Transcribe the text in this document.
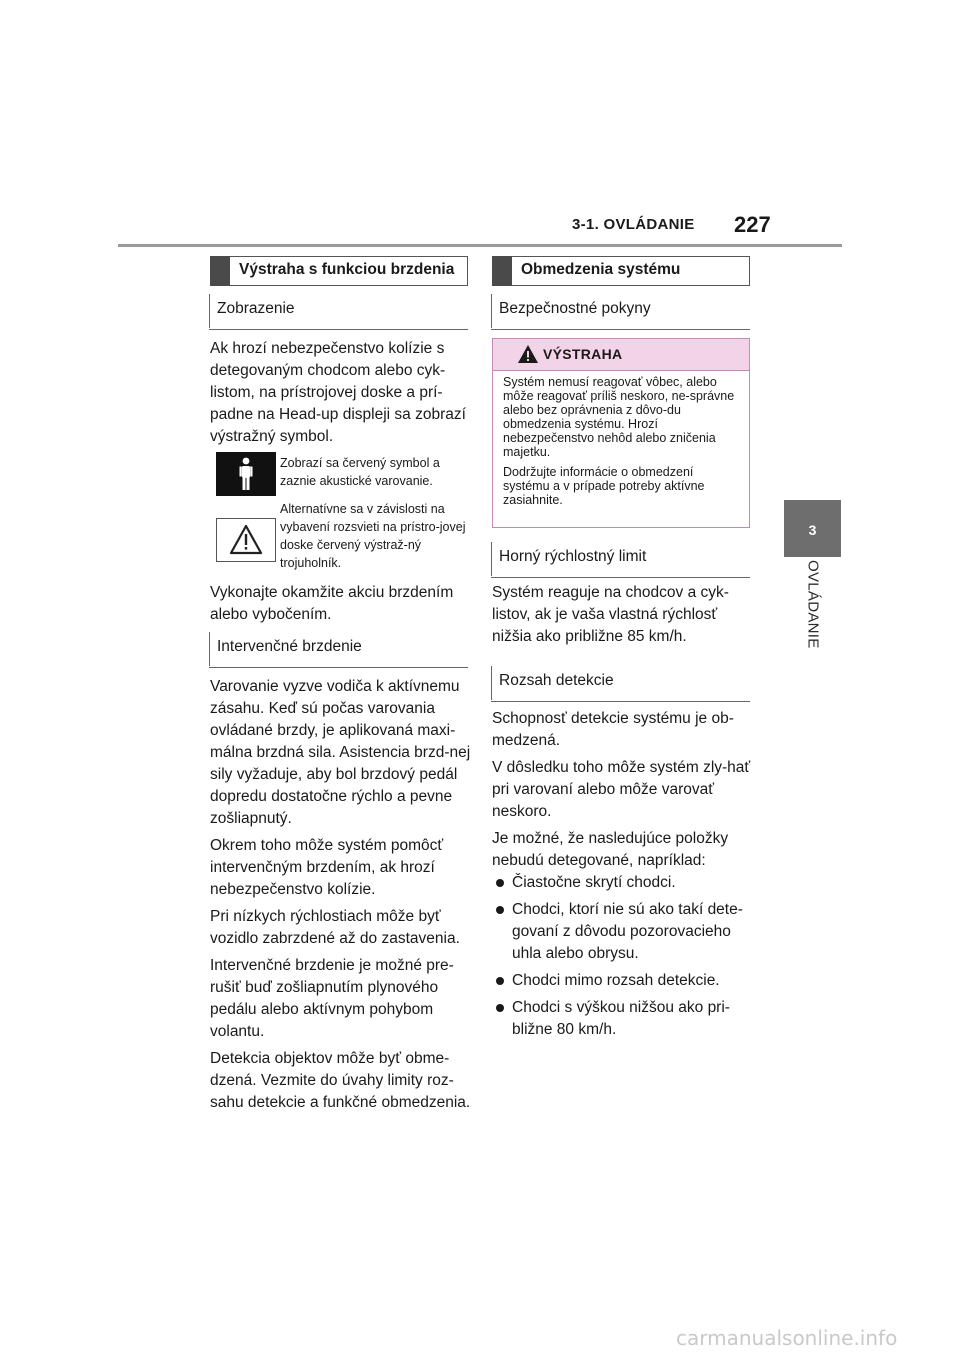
3-1. OVLÁDANIE 227
3
OVLÁDANIE
Výstraha s funkciou brzdenia
Zobrazenie

Ak hrozí nebezpečenstvo kolízie s detegovaným chodcom alebo cyk-listom, na prístrojovej doske a prí-padne na Head-up displeji sa zobrazí výstražný symbol.

Zobrazí sa červený symbol a zaznie akustické varovanie.
Alternatívne sa v závislosti na vybavení rozsvieti na prístro-jovej doske červený výstraž-ný trojuholník.

Vykonajte okamžite akciu brzdením alebo vybočením.

Intervenčné brzdenie

Varovanie vyzve vodiča k aktívnemu zásahu. Keď sú počas varovania ovládané brzdy, je aplikovaná maxi-málna brzdná sila. Asistencia brzd-nej sily vyžaduje, aby bol brzdový pedál dopredu dostatočne rýchlo a pevne zošliapnutý.

Okrem toho môže systém pomôcť intervenčným brzdením, ak hrozí nebezpečenstvo kolízie.

Pri nízkych rýchlostiach môže byť vozidlo zabrzdené až do zastavenia.

Intervenčné brzdenie je možné pre-rušiť buď zošliapnutím plynového pedálu alebo aktívnym pohybom volantu.

Detekcia objektov môže byť obme-dzená. Vezmite do úvahy limity roz-sahu detekcie a funkčné obmedzenia.

Obmedzenia systému
Bezpečnostné pokyny
VÝSTRAHA

Systém nemusí reagovať vôbec, alebo môže reagovať príliš neskoro, ne-správne alebo bez oprávnenia z dôvo-du obmedzenia systému. Hrozí nebezpečenstvo nehôd alebo zničenia majetku.

Dodržujte informácie o obmedzení systému a v prípade potreby aktívne zasiahnite.

Horný rýchlostný limit

Systém reaguje na chodcov a cyk-listov, ak je vaša vlastná rýchlosť nižšia ako približne 85 km/h.

Rozsah detekcie

Schopnosť detekcie systému je ob-medzená.

V dôsledku toho môže systém zly-hať pri varovaní alebo môže varovať neskoro.

Je možné, že nasledujúce položky nebudú detegované, napríklad:

Čiastočne skrytí chodci.
Chodci, ktorí nie sú ako takí dete-govaní z dôvodu pozorovacieho uhla alebo obrysu.
Chodci mimo rozsah detekcie.
Chodci s výškou nižšou ako pri-bližne 80 km/h.
carmanualsonline.info
